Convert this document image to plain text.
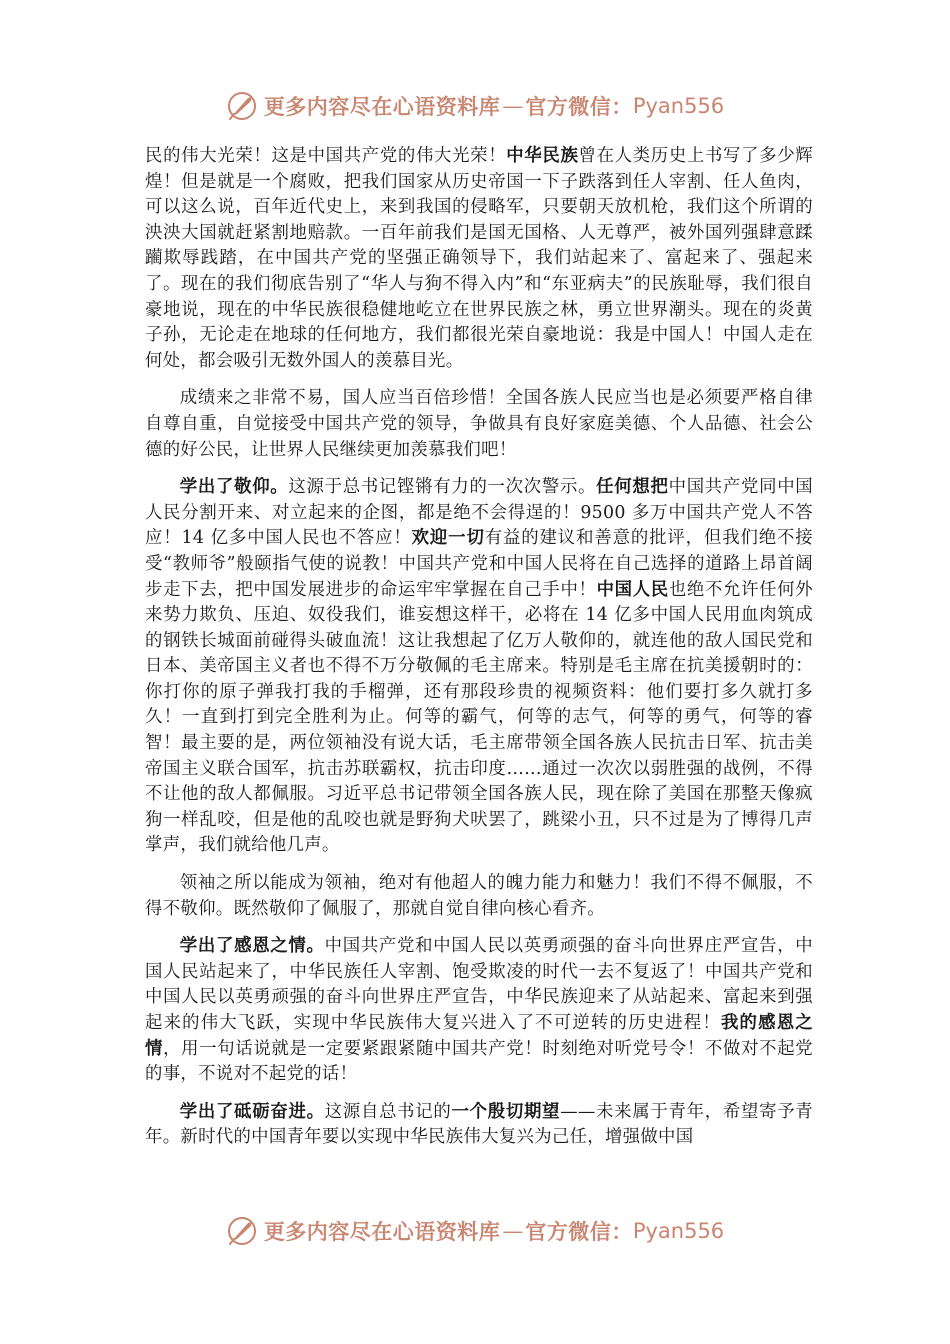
更多内容尽在心语资料库 — 官方微信： Pyan556

民的伟大光荣！这是中国共产党的伟大光荣！中华民族曾在人类历史上书写了多少辉煌！但是就是一个腐败，把我们国家从历史帝国一下子跌落到任人宰割、任人鱼肉，可以这么说，百年近代史上，来到我国的侵略军，只要朝天放机枪，我们这个所谓的泱泱大国就赶紧割地赔款。一百年前我们是国无国格、人无尊严，被外国列强肆意蹂躏欺辱践踏，在中国共产党的坚强正确领导下，我们站起来了、富起来了、强起来了。现在的我们彻底告别了“华人与狗不得入内”和“东亚病夫”的民族耻辱，我们很自豪地说，现在的中华民族很稳健地屹立在世界民族之林，勇立世界潮头。现在的炎黄子孙，无论走在地球的任何地方，我们都很光荣自豪地说：我是中国人！中国人走在何处，都会吸引无数外国人的羡慕目光。

成绩来之非常不易，国人应当百倍珍惜！全国各族人民应当也是必须要严格自律自尊自重，自觉接受中国共产党的领导，争做具有良好家庭美德、个人品德、社会公德的好公民，让世界人民继续更加羡慕我们吧！

学出了敬仰。这源于总书记铿锵有力的一次次警示。任何想把中国共产党同中国人民分割开来、对立起来的企图，都是绝不会得逞的！9500 多万中国共产党人不答应！14 亿多中国人民也不答应！欢迎一切有益的建议和善意的批评，但我们绝不接受“教师爷”般颐指气使的说教！中国共产党和中国人民将在自己选择的道路上昂首阔步走下去，把中国发展进步的命运牢牢掌握在自己手中！中国人民也绝不允许任何外来势力欺负、压迫、奴役我们，谁妄想这样干，必将在 14 亿多中国人民用血肉筑成的钢铁长城面前碰得头破血流！这让我想起了亿万人敬仰的，就连他的敌人国民党和日本、美帝国主义者也不得不万分敬佩的毛主席来。特别是毛主席在抗美援朝时的：你打你的原子弹我打我的手榴弹，还有那段珍贵的视频资料：他们要打多久就打多久！一直到打到完全胜利为止。何等的霸气，何等的志气，何等的勇气，何等的睿智！最主要的是，两位领袖没有说大话，毛主席带领全国各族人民抗击日军、抗击美帝国主义联合国军，抗击苏联霸权，抗击印度……通过一次次以弱胜强的战例，不得不让他的敌人都佩服。习近平总书记带领全国各族人民，现在除了美国在那整天像疯狗一样乱咬，但是他的乱咬也就是野狗犬吠罢了，跳梁小丑，只不过是为了博得几声掌声，我们就给他几声。

领袖之所以能成为领袖，绝对有他超人的魄力能力和魅力！我们不得不佩服，不得不敬仰。既然敬仰了佩服了，那就自觉自律向核心看齐。

学出了感恩之情。中国共产党和中国人民以英勇顽强的奋斗向世界庄严宣告，中国人民站起来了，中华民族任人宰割、饱受欺凌的时代一去不复返了！中国共产党和中国人民以英勇顽强的奋斗向世界庄严宣告，中华民族迎来了从站起来、富起来到强起来的伟大飞跃，实现中华民族伟大复兴进入了不可逆转的历史进程！我的感恩之情，用一句话说就是一定要紧跟紧随中国共产党！时刻绝对听党号令！不做对不起党的事，不说对不起党的话！

学出了砥砺奋进。这源自总书记的一个殷切期望——未来属于青年，希望寄予青年。新时代的中国青年要以实现中华民族伟大复兴为己任，增强做中国

更多内容尽在心语资料库 — 官方微信： Pyan556
